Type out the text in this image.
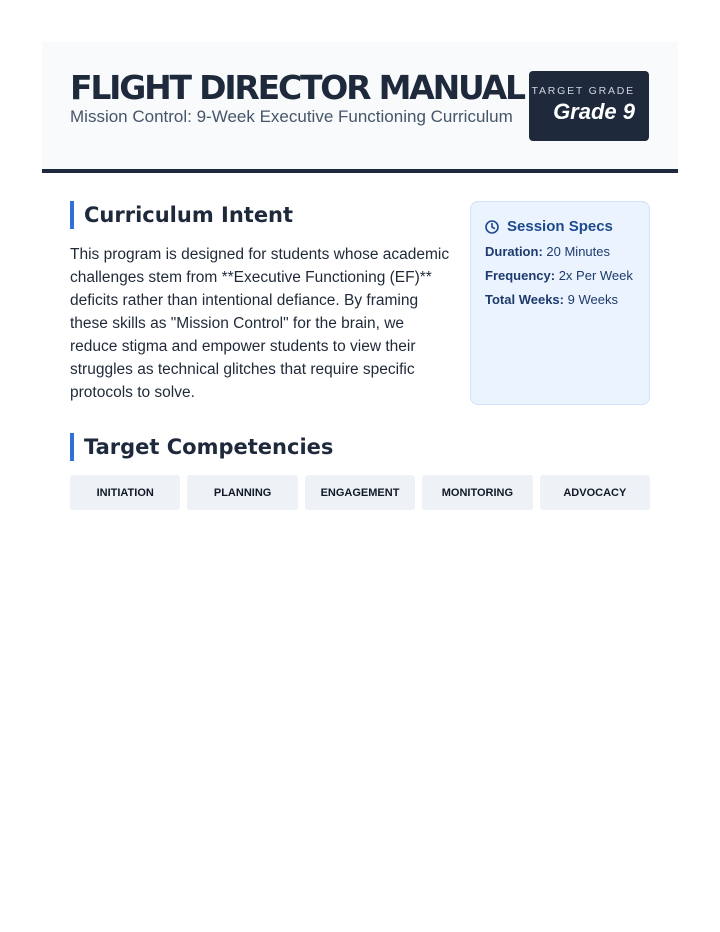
FLIGHT DIRECTOR MANUAL
Mission Control: 9-Week Executive Functioning Curriculum
TARGET GRADE
Grade 9
Curriculum Intent

This program is designed for students whose academic challenges stem from **Executive Functioning (EF)** deficits rather than intentional defiance. By framing these skills as "Mission Control" for the brain, we reduce stigma and empower students to view their struggles as technical glitches that require specific protocols to solve.

Session Specs
Duration: 20 Minutes
Frequency: 2x Per Week
Total Weeks: 9 Weeks
Target Competencies
INITIATION	PLANNING	ENGAGEMENT	MONITORING	ADVOCACY
